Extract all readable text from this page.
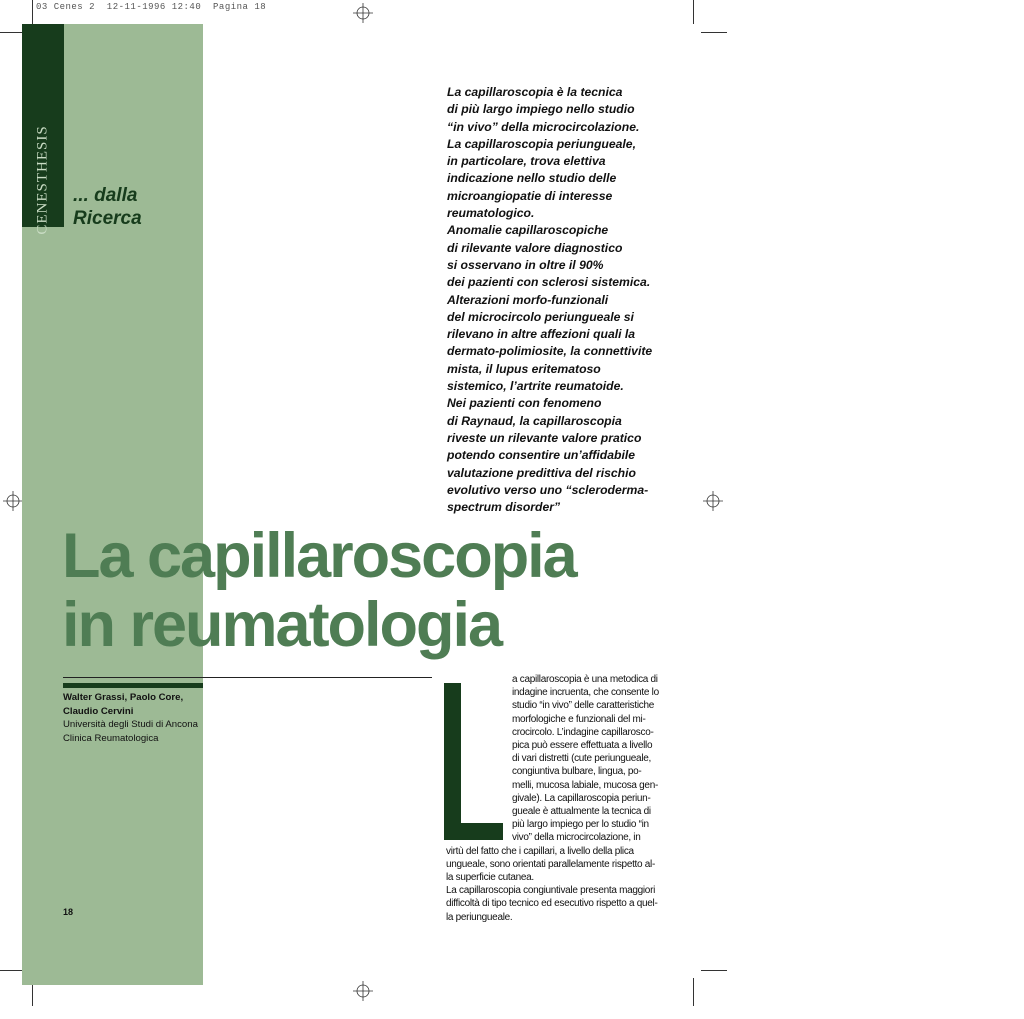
03 Cenes 2  12-11-1996 12:40  Pagina 18
CENESTHESIS ... dalla
Ricerca
La capillaroscopia è la tecnica
di più largo impiego nello studio
“in vivo” della microcircolazione.
La capillaroscopia periungueale,
in particolare, trova elettiva
indicazione nello studio delle
microangiopatie di interesse
reumatologico.
Anomalie capillaroscopiche
di rilevante valore diagnostico
si osservano in oltre il 90%
dei pazienti con sclerosi sistemica.
Alterazioni morfo-funzionali
del microcircolo periungueale si
rilevano in altre affezioni quali la
dermato-polimiosite, la connettivite
mista, il lupus eritematoso
sistemico, l’artrite reumatoide.
Nei pazienti con fenomeno
di Raynaud, la capillaroscopia
riveste un rilevante valore pratico
potendo consentire un’affidabile
valutazione predittiva del rischio
evolutivo verso uno “scleroderma-
spectrum disorder”
La capillaroscopia
in reumatologia
Walter Grassi, Paolo Core,
Claudio Cervini
Università degli Studi di Ancona
Clinica Reumatologica
a capillaroscopia è una metodica di
indagine incruenta, che consente lo
studio “in vivo” delle caratteristiche
morfologiche e funzionali del mi-
crocircolo. L’indagine capillarosco-
pica può essere effettuata a livello
di vari distretti (cute periungueale,
congiuntiva bulbare, lingua, po-
melli, mucosa labiale, mucosa gen-
givale). La capillaroscopia periun-
gueale è attualmente la tecnica di
più largo impiego per lo studio “in
vivo” della microcircolazione, in
virtù del fatto che i capillari, a livello della plica
ungueale, sono orientati parallelamente rispetto al-
la superficie cutanea.
La capillaroscopia congiuntivale presenta maggiori
difficoltà di tipo tecnico ed esecutivo rispetto a quel-
la periungueale.
18
